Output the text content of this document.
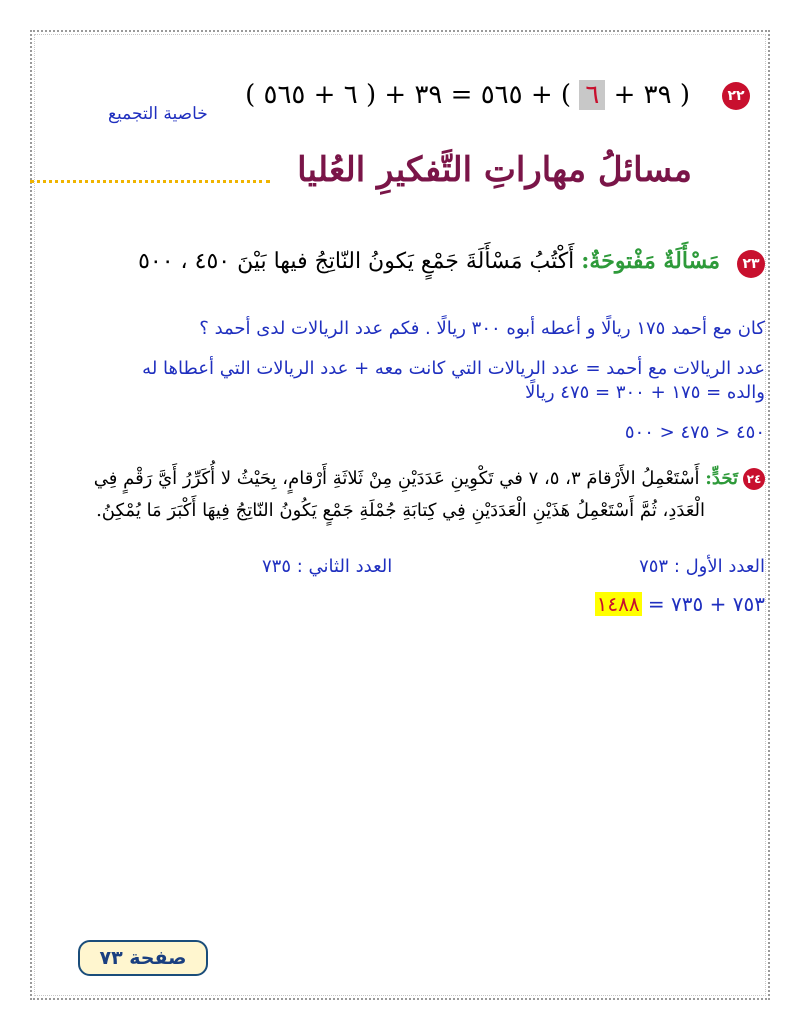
٢٢
( ٣٩ + ٦ ) + ٥٦٥ = ٣٩ + ( ٦ + ٥٦٥ )
خاصية التجميع
مسائلُ مهاراتِ التَّفكيرِ العُليا
٢٣
مَسْأَلَةٌ مَفْتوحَةٌ: أَكْتُبُ مَسْأَلَةَ جَمْعٍ يَكونُ النّاتِجُ فيها بَيْنَ ٤٥٠ ، ٥٠٠
كان مع أحمد ١٧٥ ريالًا و أعطه أبوه ٣٠٠ ريالًا . فكم عدد الريالات لدى أحمد ؟
عدد الريالات مع أحمد = عدد الريالات التي كانت معه + عدد الريالات التي أعطاها له
والده = ١٧٥ + ٣٠٠ = ٤٧٥ ريالًا
٤٥٠ < ٤٧٥ < ٥٠٠
٢٤
تَحَدٍّ: أَسْتَعْمِلُ الأَرْقامَ ٣، ٥، ٧ في تَكْوِينِ عَدَدَيْنِ مِنْ ثَلاثَةِ أَرْقامٍ، بِحَيْثُ لا أُكَرِّرُ أَيَّ رَقْمٍ فِي
الْعَدَدِ، ثُمَّ أَسْتَعْمِلُ هَذَيْنِ الْعَدَدَيْنِ فِي كِتابَةِ جُمْلَةِ جَمْعٍ يَكُونُ النّاتِجُ فِيهَا أَكْبَرَ مَا يُمْكِنُ.
العدد الأول : ٧٥٣
العدد الثاني : ٧٣٥
٧٥٣ + ٧٣٥ = ١٤٨٨
صفحة ٧٣
